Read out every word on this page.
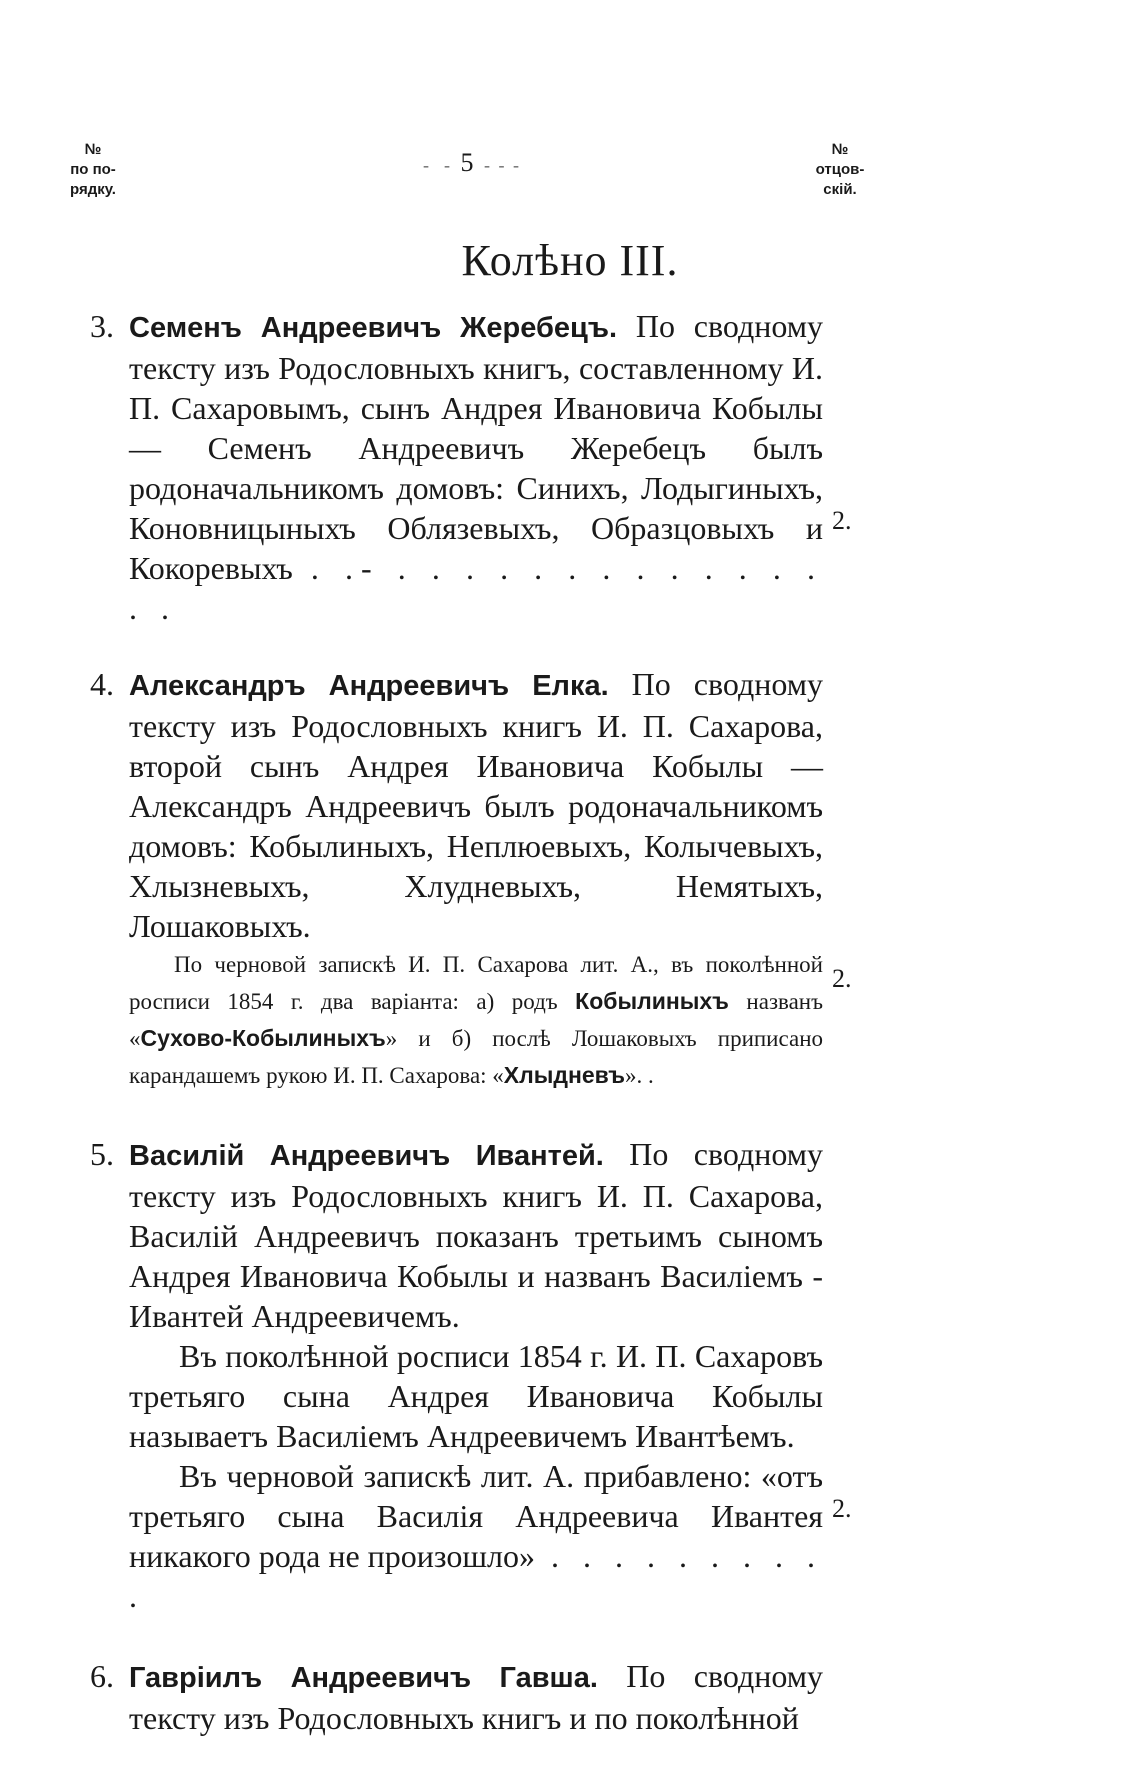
№
по по-
рядку.
-  - 5 - - -
№
отцов-
скій.
Колѣно III.
3. Семенъ Андреевичъ Жеребецъ. По сводному тексту изъ Родословныхъ книгъ, составленному И. П. Сахаровымъ, сынъ Андрея Ивановича Кобылы — Семенъ Андреевичъ Жеребецъ былъ родоначальникомъ домовъ: Синихъ, Лодыгиныхъ, Коновницыныхъ Облязевыхъ, Образцовыхъ и Кокоревыхъ . .- . . . . . . . . . . . . . . .

2.
4. Александръ Андреевичъ Елка. По сводному тексту изъ Родословныхъ книгъ И. П. Сахарова, второй сынъ Андрея Ивановича Кобылы — Александръ Андреевичъ былъ родоначальникомъ домовъ: Кобылиныхъ, Неплюевыхъ, Колычевыхъ, Хлызневыхъ, Хлудневыхъ, Немятыхъ, Лошаковыхъ.

По черновой запискѣ И. П. Сахарова лит. А., въ поколѣнной росписи 1854 г. два варіанта: а) родъ Кобылиныхъ названъ «Сухово-Кобылиныхъ» и б) послѣ Лошаковыхъ приписано карандашемъ рукою И. П. Сахарова: «Хлыдневъ». .

2.
5. Василій Андреевичъ Ивантей. По сводному тексту изъ Родословныхъ книгъ И. П. Сахарова, Василій Андреевичъ показанъ третьимъ сыномъ Андрея Ивановича Кобылы и названъ Василіемъ - Ивантей Андреевичемъ.

Въ поколѣнной росписи 1854 г. И. П. Сахаровъ третьяго сына Андрея Ивановича Кобылы называетъ Василіемъ Андреевичемъ Ивантѣемъ.

Въ черновой запискѣ лит. А. прибавлено: «отъ третьяго сына Василія Андреевича Ивантея никакого рода не произошло» . . . . . . . . . .

2.
6. Гавріилъ Андреевичъ Гавша. По сводному тексту изъ Родословныхъ книгъ и по поколѣнной
